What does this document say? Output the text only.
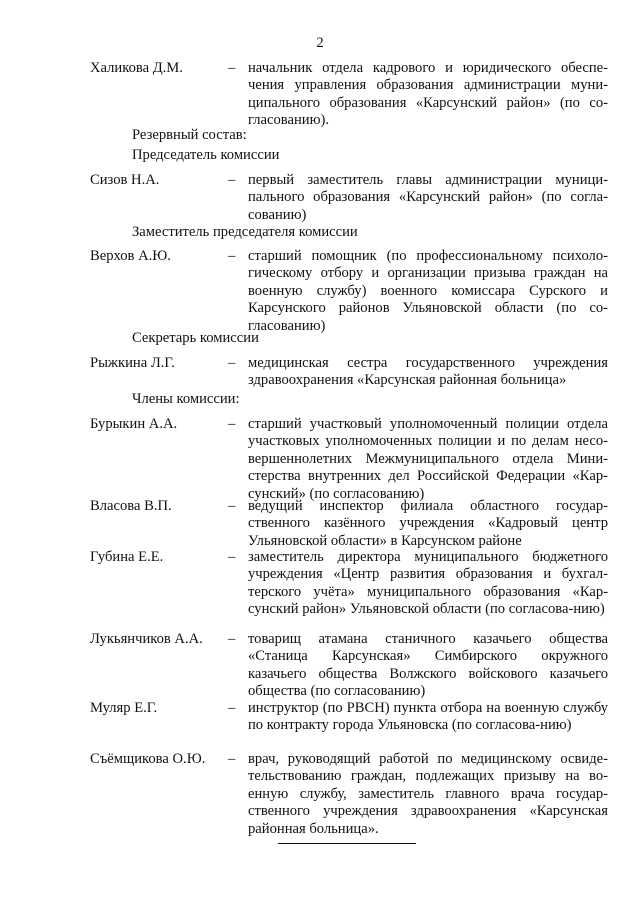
2
Халикова Д.М.	– начальник отдела кадрового и юридического обеспе-чения управления образования администрации муни-ципального образования «Карсунский район» (по со-гласованию).
Резервный состав:
Председатель комиссии
Сизов Н.А.	– первый заместитель главы администрации муници-пального образования «Карсунский район» (по согла-сованию)
Заместитель председателя комиссии
Верхов А.Ю.	– старший помощник (по профессиональному психоло-гическому отбору и организации призыва граждан на военную службу) военного комиссара Сурского и Карсунского районов Ульяновской области (по со-гласованию)
Секретарь комиссии
Рыжкина Л.Г.	– медицинская сестра государственного учреждения здравоохранения «Карсунская районная больница»
Члены комиссии:
Бурыкин А.А.	– старший участковый уполномоченный полиции отдела участковых уполномоченных полиции и по делам несо-вершеннолетних Межмуниципального отдела Мини-стерства внутренних дел Российской Федерации «Кар-сунский» (по согласованию)
Власова В.П.	– ведущий инспектор филиала областного государ-ственного казённого учреждения «Кадровый центр Ульяновской области» в Карсунском районе
Губина Е.Е.	– заместитель директора муниципального бюджетного учреждения «Центр развития образования и бухгал-терского учёта» муниципального образования «Кар-сунский район» Ульяновской области (по согласова-нию)
Лукьянчиков А.А. – товарищ атамана станичного казачьего общества «Станица Карсунская» Симбирского окружного казачьего общества Волжского войскового казачьего общества (по согласованию)
Муляр Е.Г.	– инструктор (по РВСН) пункта отбора на военную службу по контракту города Ульяновска (по согласова-нию)
Съёмщикова О.Ю. – врач, руководящий работой по медицинскому освиде-тельствованию граждан, подлежащих призыву на во-енную службу, заместитель главного врача государ-ственного учреждения здравоохранения «Карсунская районная больница».
